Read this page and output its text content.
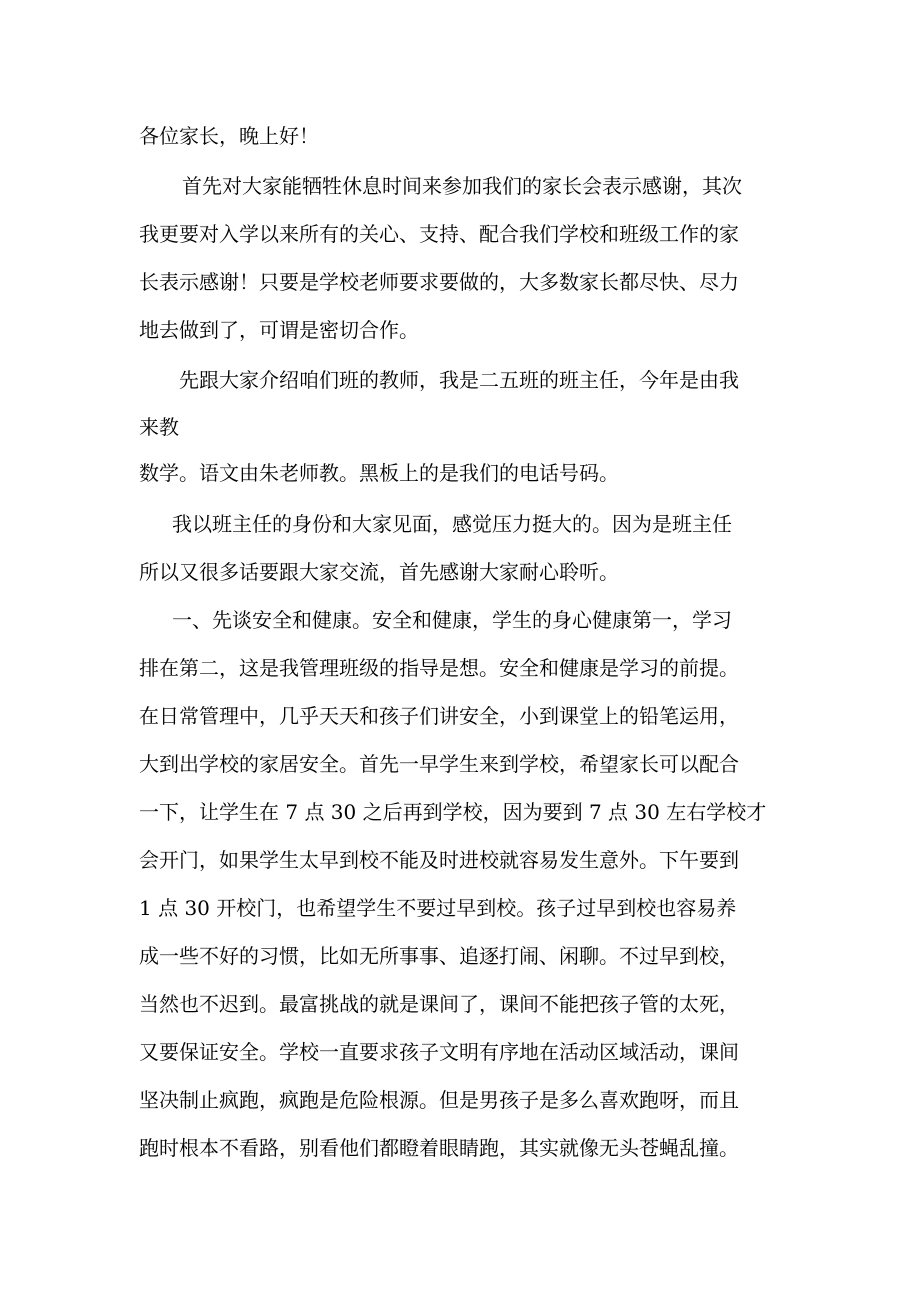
各位家长，晚上好！
首先对大家能牺牲休息时间来参加我们的家长会表示感谢，其次
我更要对入学以来所有的关心、支持、配合我们学校和班级工作的家
长表示感谢！只要是学校老师要求要做的，大多数家长都尽快、尽力
地去做到了，可谓是密切合作。
先跟大家介绍咱们班的教师，我是二五班的班主任，今年是由我
来教
数学。语文由朱老师教。黑板上的是我们的电话号码。
我以班主任的身份和大家见面，感觉压力挺大的。因为是班主任
所以又很多话要跟大家交流，首先感谢大家耐心聆听。
一、先谈安全和健康。安全和健康，学生的身心健康第一，学习
排在第二，这是我管理班级的指导是想。安全和健康是学习的前提。
在日常管理中，几乎天天和孩子们讲安全，小到课堂上的铅笔运用，
大到出学校的家居安全。首先一早学生来到学校，希望家长可以配合
一下，让学生在 7 点 30 之后再到学校，因为要到 7 点 30 左右学校才
会开门，如果学生太早到校不能及时进校就容易发生意外。下午要到
1 点 30 开校门，也希望学生不要过早到校。孩子过早到校也容易养
成一些不好的习惯，比如无所事事、追逐打闹、闲聊。不过早到校，
当然也不迟到。最富挑战的就是课间了，课间不能把孩子管的太死，
又要保证安全。学校一直要求孩子文明有序地在活动区域活动，课间
坚决制止疯跑，疯跑是危险根源。但是男孩子是多么喜欢跑呀，而且
跑时根本不看路，别看他们都瞪着眼睛跑，其实就像无头苍蝇乱撞。
